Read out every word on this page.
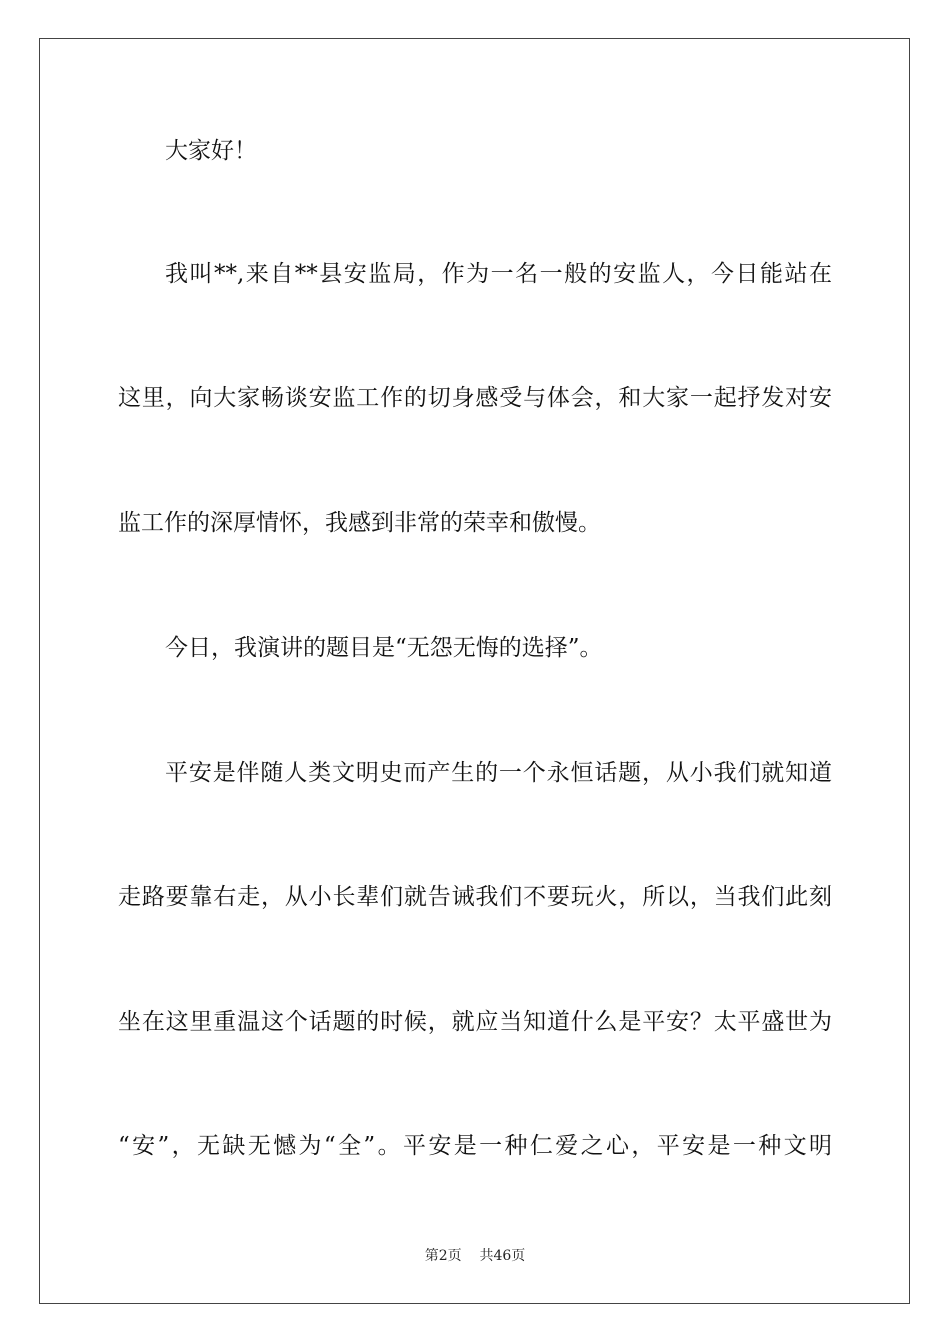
大家好！
我叫**,来自**县安监局，作为一名一般的安监人，今日能站在
这里，向大家畅谈安监工作的切身感受与体会，和大家一起抒发对安
监工作的深厚情怀，我感到非常的荣幸和傲慢。
今日，我演讲的题目是“无怨无悔的选择”。
平安是伴随人类文明史而产生的一个永恒话题，从小我们就知道
走路要靠右走，从小长辈们就告诫我们不要玩火，所以，当我们此刻
坐在这里重温这个话题的时候，就应当知道什么是平安？太平盛世为
“安”，无缺无憾为“全”。平安是一种仁爱之心，平安是一种文明
第2页 共46页
